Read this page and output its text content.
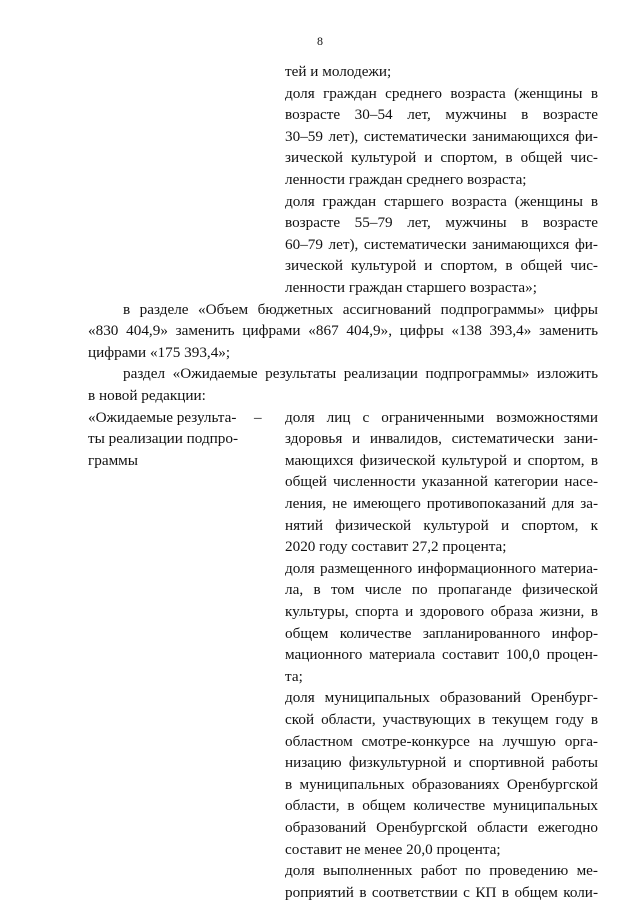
8
тей и молодежи;
доля граждан среднего возраста (женщины в
возрасте 30–54 лет, мужчины в возрасте
30–59 лет), систематически занимающихся фи-
зической культурой и спортом, в общей чис-
ленности граждан среднего возраста;
доля граждан старшего возраста (женщины в
возрасте 55–79 лет, мужчины в возрасте
60–79 лет), систематически занимающихся фи-
зической культурой и спортом, в общей чис-
ленности граждан старшего возраста»;
в разделе «Объем бюджетных ассигнований подпрограммы» цифры
«830 404,9» заменить цифрами «867 404,9», цифры «138 393,4» заменить
цифрами «175 393,4»;
раздел «Ожидаемые результаты реализации подпрограммы» изложить
в новой редакции:
«Ожидаемые результа-
ты реализации подпро-
граммы
– доля лиц с ограниченными возможностями
здоровья и инвалидов, систематически зани-
мающихся физической культурой и спортом, в
общей численности указанной категории насе-
ления, не имеющего противопоказаний для за-
нятий физической культурой и спортом, к
2020 году составит 27,2 процента;
доля размещенного информационного материа-
ла, в том числе по пропаганде физической
культуры, спорта и здорового образа жизни, в
общем количестве запланированного инфор-
мационного материала составит 100,0 процен-
та;
доля муниципальных образований Оренбург-
ской области, участвующих в текущем году в
областном смотре-конкурсе на лучшую орга-
низацию физкультурной и спортивной работы
в муниципальных образованиях Оренбургской
области, в общем количестве муниципальных
образований Оренбургской области ежегодно
составит не менее 20,0 процента;
доля выполненных работ по проведению ме-
роприятий в соответствии с КП в общем коли-
